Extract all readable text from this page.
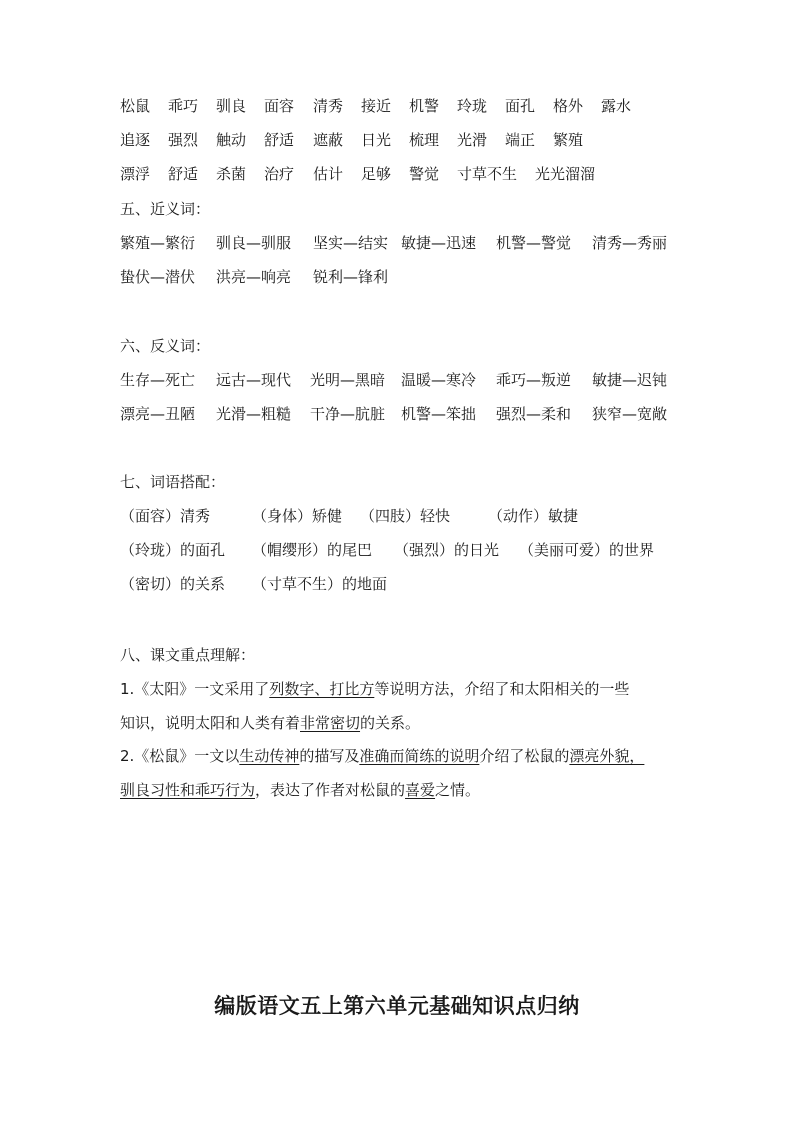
松鼠 乖巧 驯良 面容 清秀 接近 机警 玲珑 面孔 格外 露水
追逐 强烈 触动 舒适 遮蔽 日光 梳理 光滑 端正 繁殖
漂浮 舒适 杀菌 治疗 估计 足够 警觉 寸草不生 光光溜溜
五、近义词：
繁殖—繁衍 驯良—驯服 坚实—结实 敏捷—迅速 机警—警觉 清秀—秀丽
蛰伏—潜伏 洪亮—响亮 锐利—锋利
六、反义词：
生存—死亡 远古—现代 光明—黑暗 温暖—寒冷 乖巧—叛逆 敏捷—迟钝
漂亮—丑陋 光滑—粗糙 干净—肮脏 机警—笨拙 强烈—柔和 狭窄—宽敞
七、词语搭配：
（面容）清秀	（身体）矫健 （四肢）轻快	（动作）敏捷
（玲珑）的面孔 （帽缨形）的尾巴 （强烈）的日光 （美丽可爱）的世界
（密切）的关系 （寸草不生）的地面
八、课文重点理解：
1.《太阳》一文采用了列数字、打比方等说明方法，介绍了和太阳相关的一些
知识，说明太阳和人类有着非常密切的关系。
2.《松鼠》一文以生动传神的描写及准确而简练的说明介绍了松鼠的漂亮外貌，
驯良习性和乖巧行为，表达了作者对松鼠的喜爱之情。
编版语文五上第六单元基础知识点归纳
